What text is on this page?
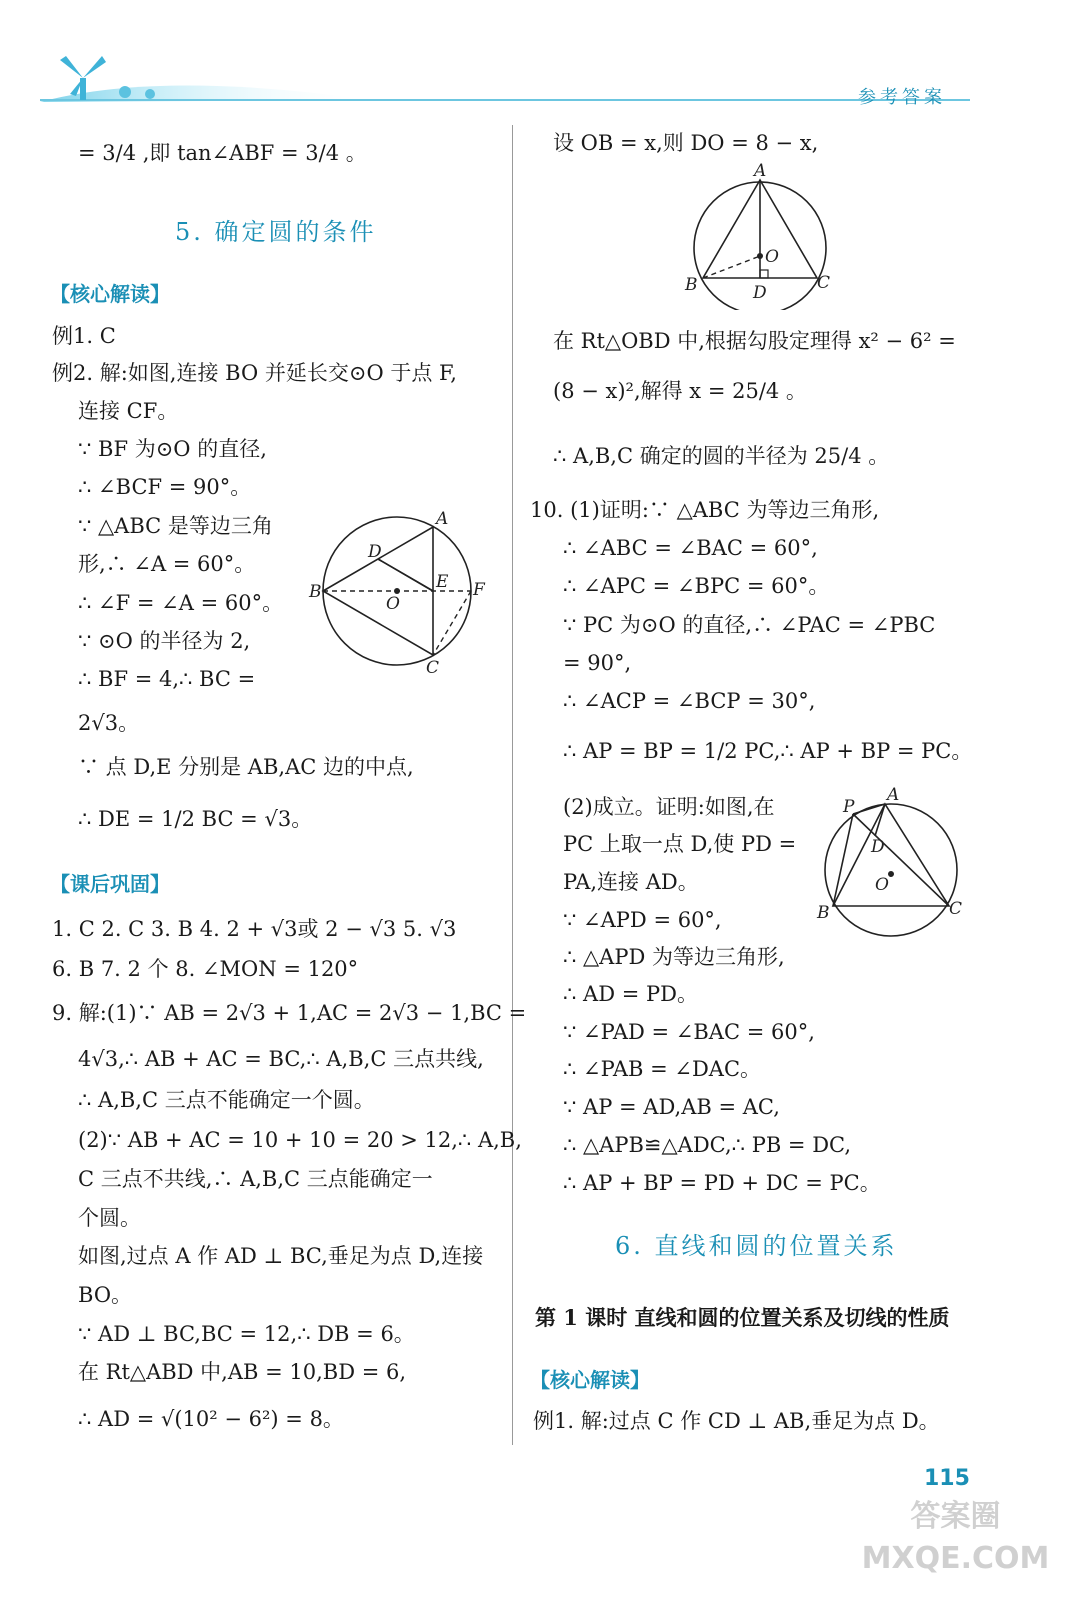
参考答案
= 3/4 ,即 tan∠ABF = 3/4 。
5. 确定圆的条件
【核心解读】
例1. C
例2. 解:如图,连接 BO 并延长交⊙O 于点 F,
连接 CF。
∵ BF 为⊙O 的直径,
∴ ∠BCF = 90°。
∵ △ABC 是等边三角
形,∴ ∠A = 60°。
∴ ∠F = ∠A = 60°。
∵ ⊙O 的半径为 2,
∴ BF = 4,∴ BC =
2√3。
∵ 点 D,E 分别是 AB,AC 边的中点,
∴ DE = 1/2 BC = √3。
A
D
B
O
E F
C
【课后巩固】
1. C 2. C 3. B 4. 2 + √3或 2 − √3 5. √3
6. B 7. 2 个 8. ∠MON = 120°
9. 解:(1)∵ AB = 2√3 + 1,AC = 2√3 − 1,BC =
4√3,∴ AB + AC = BC,∴ A,B,C 三点共线,
∴ A,B,C 三点不能确定一个圆。
(2)∵ AB + AC = 10 + 10 = 20 > 12,∴ A,B,
C 三点不共线,∴ A,B,C 三点能确定一
个圆。
如图,过点 A 作 AD ⊥ BC,垂足为点 D,连接
BO。
∵ AD ⊥ BC,BC = 12,∴ DB = 6。
在 Rt△ABD 中,AB = 10,BD = 6,
∴ AD = √(10² − 6²) = 8。
设 OB = x,则 DO = 8 − x,
A
O
B	D	C
在 Rt△OBD 中,根据勾股定理得 x² − 6² =
(8 − x)²,解得 x = 25/4 。
∴ A,B,C 确定的圆的半径为 25/4 。
10. (1)证明:∵ △ABC 为等边三角形,
∴ ∠ABC = ∠BAC = 60°,
∴ ∠APC = ∠BPC = 60°。
∵ PC 为⊙O 的直径,∴ ∠PAC = ∠PBC
= 90°,
∴ ∠ACP = ∠BCP = 30°,
∴ AP = BP = 1/2 PC,∴ AP + BP = PC。
(2)成立。证明:如图,在
PC 上取一点 D,使 PD =
PA,连接 AD。
∵ ∠APD = 60°,
∴ △APD 为等边三角形,
∴ AD = PD。
∵ ∠PAD = ∠BAC = 60°,
∴ ∠PAB = ∠DAC。
∵ AP = AD,AB = AC,
∴ △APB≌△ADC,∴ PB = DC,
∴ AP + BP = PD + DC = PC。
P
A
D
O
B	C
6. 直线和圆的位置关系
第 1 课时 直线和圆的位置关系及切线的性质
【核心解读】
例1. 解:过点 C 作 CD ⊥ AB,垂足为点 D。
115
答案圈 MXQE.COM
